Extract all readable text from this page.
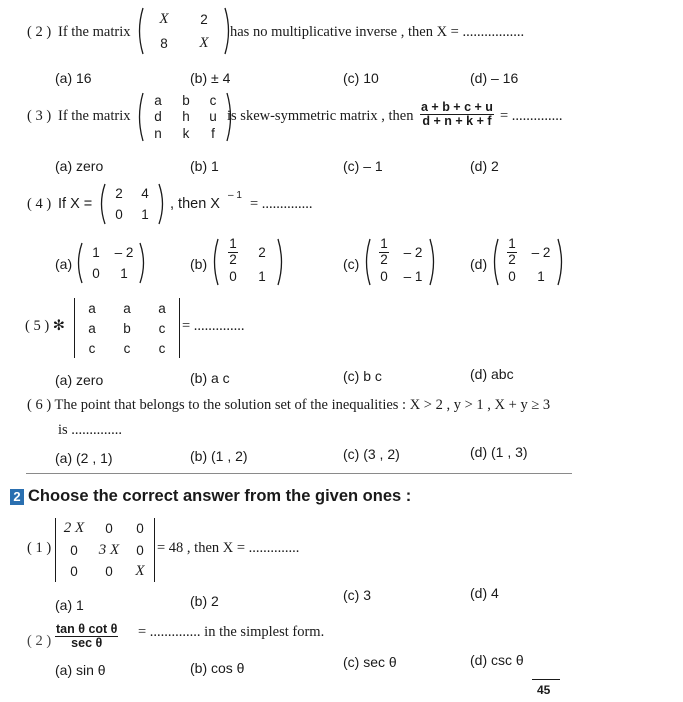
( 2 ) If the matrix
X 2
8 X
has no multiplicative inverse , then X = .................
(a) 16	(b) ± 4	(c) 10	(d) – 16
( 3 ) If the matrix
a b c
d h u
n k f
is skew-symmetric matrix , then $\frac{a + b + c + u}{d + n + k + f}$ = ..............
(a) zero	(b) 1	(c) – 1	(d) 2
( 4 ) If X =
2 4
0 1
, then X
– 1
= ..............
(a)
1 – 2
0 1
$(b) \frac{1}{2} 2$
0 1
$(c) \frac{1}{2} - 2$
0 – 1
$(d) \frac{1}{2} - 2$
0 1
( 5 ) ✻
a a a
a b c
c c c
= ..............
(a) zero	(b) a c	(c) b c	(d) abc
( 6 ) The point that belongs to the solution set of the inequalities : X > 2 , y > 1 , X + y ≥ 3
is ..............
(a) (2 , 1)	(b) (1 , 2)	(c) (3 , 2)	(d) (1 , 3)
2 Choose the correct answer from the given ones :
( 1 )
2 X 0 0
0 3 X 0
0 0 X
= 48 , then X = ..............
(a) 1	(b) 2	(c) 3	(d) 4
( 2 ) $\frac{\text{tan θ cot θ}}{\text{sec θ}}$ = .............. in the simplest form.
(a) sin θ	(b) cos θ	(c) sec θ	(d) csc θ
45
